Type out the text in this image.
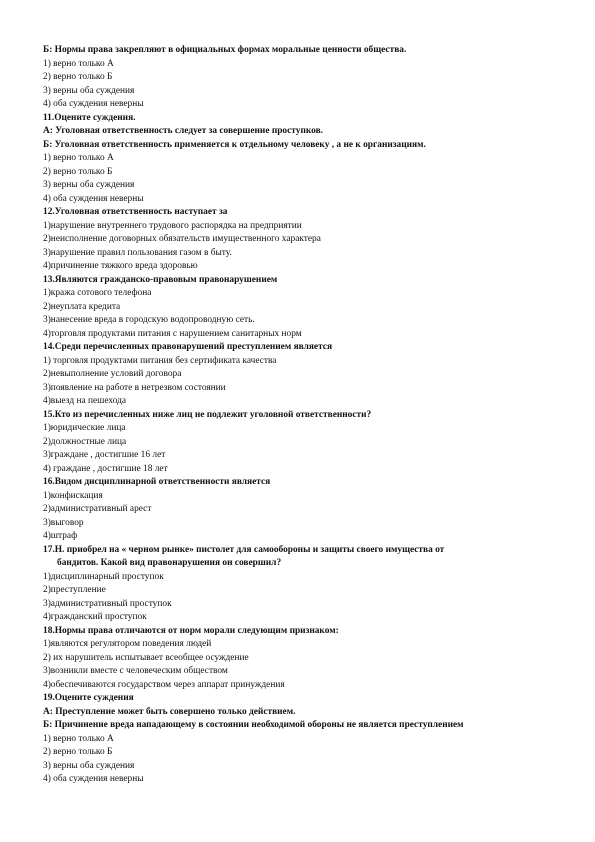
Б: Нормы права закрепляют в официальных формах моральные ценности общества.
1) верно только А
2) верно только Б
3) верны оба суждения
4) оба суждения неверны
11.Оцените суждения.
А: Уголовная ответственность следует за совершение проступков.
Б: Уголовная ответственность применяется к отдельному человеку , а не к организациям.
1) верно только А
2) верно только Б
3) верны оба суждения
4) оба суждения неверны
12.Уголовная ответственность наступает за
1)нарушение внутреннего трудового распорядка на предприятии
2)неисполнение договорных обязательств имущественного характера
3)нарушение правил пользования газом в быту.
4)причинение тяжкого вреда здоровью
13.Являются гражданско-правовым правонарушением
1)кража сотового телефона
2)неуплата кредита
3)нанесение вреда в городскую водопроводную сеть.
4)торговля продуктами питания с нарушением санитарных норм
14.Среди перечисленных правонарушений преступлением является
1) торговля продуктами питания без сертификата качества
2)невыполнение условий договора
3)появление на работе в нетрезвом состоянии
4)выезд на пешехода
15.Кто из перечисленных ниже лиц не подлежит уголовной ответственности?
1)юридические лица
2)должностные лица
3)граждане , достигшие 16 лет
4) граждане , достигшие 18 лет
16.Видом дисциплинарной ответственности является
1)конфискация
2)административный арест
3)выговор
4)штраф
17.Н. приобрел на « черном рынке» пистолет для самообороны и защиты своего имущества от
бандитов. Какой вид правонарушения он совершил?
1)дисциплинарный проступок
2)преступление
3)административный проступок
4)гражданский проступок
18.Нормы права отличаются от норм морали следующим признаком:
1)являются регулятором поведения людей
2) их нарушитель испытывает всеобщее осуждение
3)возникли вместе с человеческим обществом
4)обеспечиваются государством через аппарат принуждения
19.Оцените суждения
А: Преступление может быть совершено только действием.
Б: Причинение вреда нападающему в состоянии необходимой обороны не является преступлением
1) верно только А
2) верно только Б
3) верны оба суждения
4) оба суждения неверны
